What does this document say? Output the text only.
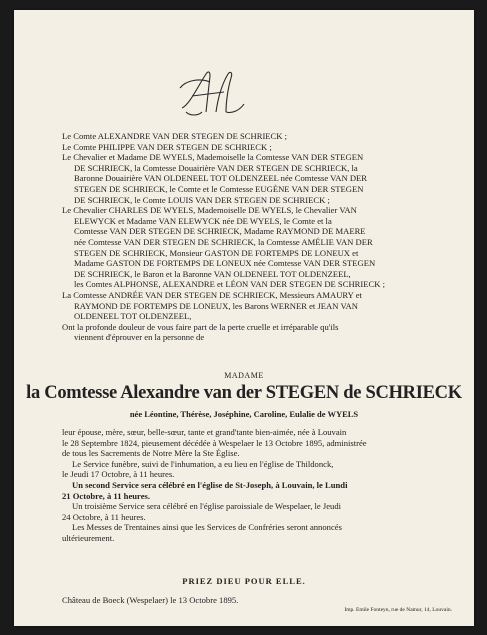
Le Comte ALEXANDRE VAN DER STEGEN DE SCHRIECK ;

Le Comte PHILIPPE VAN DER STEGEN DE SCHRIECK ;

Le Chevalier et Madame DE WYELS, Mademoiselle la Comtesse VAN DER STEGEN

DE SCHRIECK, la Comtesse Douairière VAN DER STEGEN DE SCHRIECK, la

Baronne Douairière VAN OLDENEEL TOT OLDENZEEL née Comtesse VAN DER

STEGEN DE SCHRIECK, le Comte et le Comtesse EUGÈNE VAN DER STEGEN

DE SCHRIECK, le Comte LOUIS VAN DER STEGEN DE SCHRIECK ;

Le Chevalier CHARLES DE WYELS, Mademoiselle DE WYELS, le Chevalier VAN

ELEWYCK et Madame VAN ELEWYCK née DE WYELS, le Comte et la

Comtesse VAN DER STEGEN DE SCHRIECK, Madame RAYMOND DE MAERE

née Comtesse VAN DER STEGEN DE SCHRIECK, la Comtesse AMÉLIE VAN DER

STEGEN DE SCHRIECK, Monsieur GASTON DE FORTEMPS DE LONEUX et

Madame GASTON DE FORTEMPS DE LONEUX née Comtesse VAN DER STEGEN

DE SCHRIECK, le Baron et la Baronne VAN OLDENEEL TOT OLDENZEEL,

les Comtes ALPHONSE, ALEXANDRE et LÉON VAN DER STEGEN DE SCHRIECK ;

La Comtesse ANDRÉE VAN DER STEGEN DE SCHRIECK, Messieurs AMAURY et

RAYMOND DE FORTEMPS DE LONEUX, les Barons WERNER et JEAN VAN

OLDENEEL TOT OLDENZEEL,

Ont la profonde douleur de vous faire part de la perte cruelle et irréparable qu'ils

viennent d'éprouver en la personne de

MADAME
la Comtesse Alexandre van der STEGEN de SCHRIECK
née Léontine, Thérèse, Joséphine, Caroline, Eulalie de WYELS

leur épouse, mère, sœur, belle-sœur, tante et grand'tante bien-aimée, née à Louvain

le 28 Septembre 1824, pieusement décédée à Wespelaer le 13 Octobre 1895, administrée

de tous les Sacrements de Notre Mère la Ste Église.

Le Service funèbre, suivi de l'inhumation, a eu lieu en l'église de Thildonck,

le Jeudi 17 Octobre, à 11 heures.

Un second Service sera célébré en l'église de St-Joseph, à Louvain, le Lundi

21 Octobre, à 11 heures.

Un troisième Service sera célébré en l'église paroissiale de Wespelaer, le Jeudi

24 Octobre, à 11 heures.

Les Messes de Trentaines ainsi que les Services de Confréries seront annoncés

ultérieurement.

PRIEZ DIEU POUR ELLE.
Château de Boeck (Wespelaer) le 13 Octobre 1895.
Imp. Emile Fonteyn, rue de Namur, 14, Louvain.
